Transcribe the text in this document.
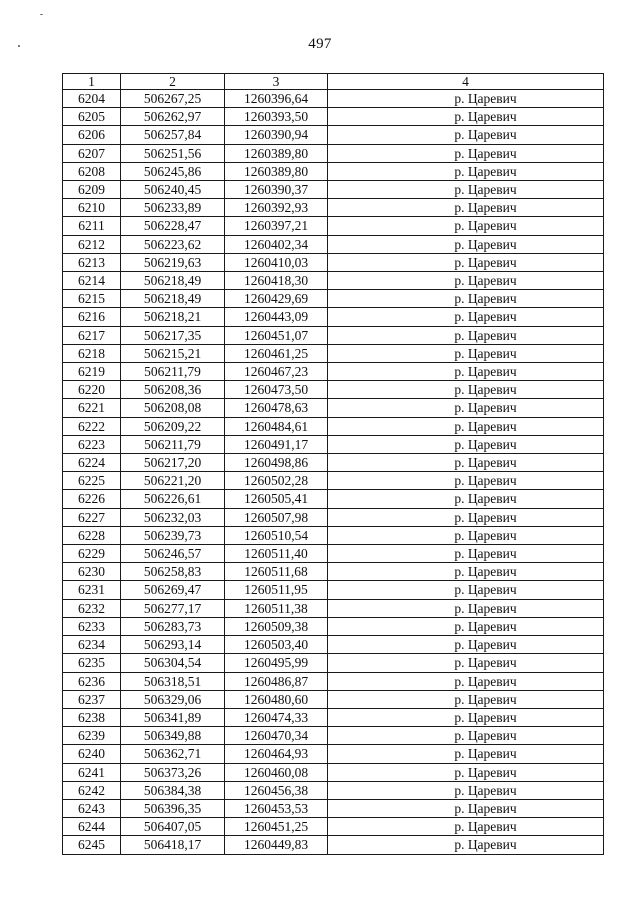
497
1	2	3	4
6204	506267,25	1260396,64	р. Царевич
6205	506262,97	1260393,50	р. Царевич
6206	506257,84	1260390,94	р. Царевич
6207	506251,56	1260389,80	р. Царевич
6208	506245,86	1260389,80	р. Царевич
6209	506240,45	1260390,37	р. Царевич
6210	506233,89	1260392,93	р. Царевич
6211	506228,47	1260397,21	р. Царевич
6212	506223,62	1260402,34	р. Царевич
6213	506219,63	1260410,03	р. Царевич
6214	506218,49	1260418,30	р. Царевич
6215	506218,49	1260429,69	р. Царевич
6216	506218,21	1260443,09	р. Царевич
6217	506217,35	1260451,07	р. Царевич
6218	506215,21	1260461,25	р. Царевич
6219	506211,79	1260467,23	р. Царевич
6220	506208,36	1260473,50	р. Царевич
6221	506208,08	1260478,63	р. Царевич
6222	506209,22	1260484,61	р. Царевич
6223	506211,79	1260491,17	р. Царевич
6224	506217,20	1260498,86	р. Царевич
6225	506221,20	1260502,28	р. Царевич
6226	506226,61	1260505,41	р. Царевич
6227	506232,03	1260507,98	р. Царевич
6228	506239,73	1260510,54	р. Царевич
6229	506246,57	1260511,40	р. Царевич
6230	506258,83	1260511,68	р. Царевич
6231	506269,47	1260511,95	р. Царевич
6232	506277,17	1260511,38	р. Царевич
6233	506283,73	1260509,38	р. Царевич
6234	506293,14	1260503,40	р. Царевич
6235	506304,54	1260495,99	р. Царевич
6236	506318,51	1260486,87	р. Царевич
6237	506329,06	1260480,60	р. Царевич
6238	506341,89	1260474,33	р. Царевич
6239	506349,88	1260470,34	р. Царевич
6240	506362,71	1260464,93	р. Царевич
6241	506373,26	1260460,08	р. Царевич
6242	506384,38	1260456,38	р. Царевич
6243	506396,35	1260453,53	р. Царевич
6244	506407,05	1260451,25	р. Царевич
6245	506418,17	1260449,83	р. Царевич
